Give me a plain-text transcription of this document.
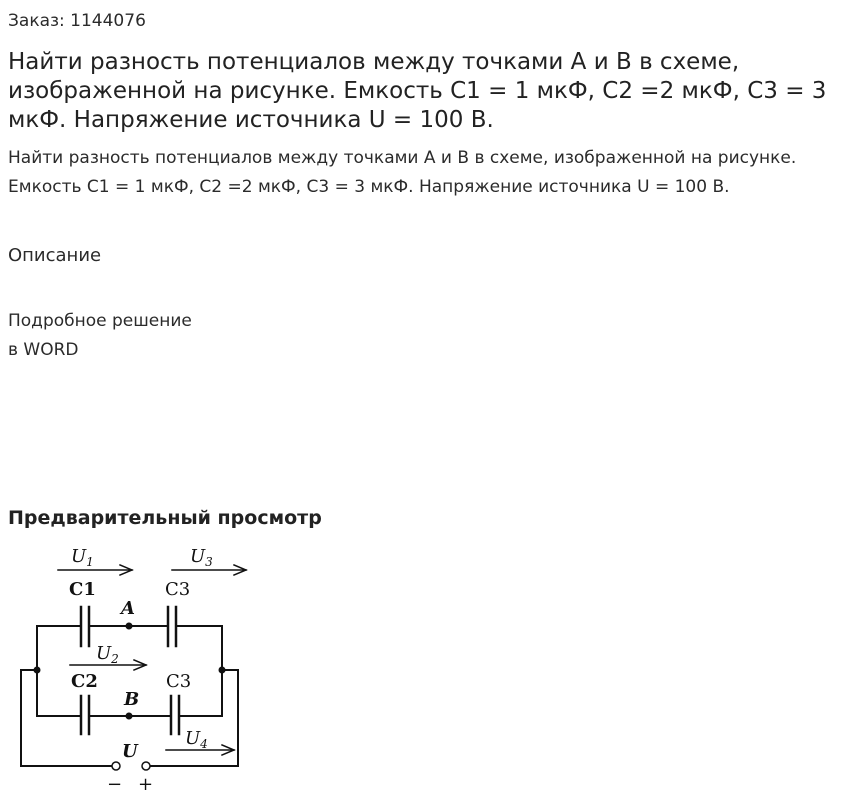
Заказ: 1144076
Найти разность потенциалов между точками А и В в схеме, изображенной на рисунке. Емкость С1 = 1 мкФ, С2 =2 мкФ, С3 = 3 мкФ. Напряжение источника U = 100 В.
Найти разность потенциалов между точками А и В в схеме, изображенной на рисунке. Емкость С1 = 1 мкФ, С2 =2 мкФ, С3 = 3 мкФ. Напряжение источника U = 100 В.
Описание
Подробное решение
в WORD
Предварительный просмотр
$U_1$	$U_3$
$U_2$
$U_4$
U
A
B
C1	C3
C2	C3
− +
